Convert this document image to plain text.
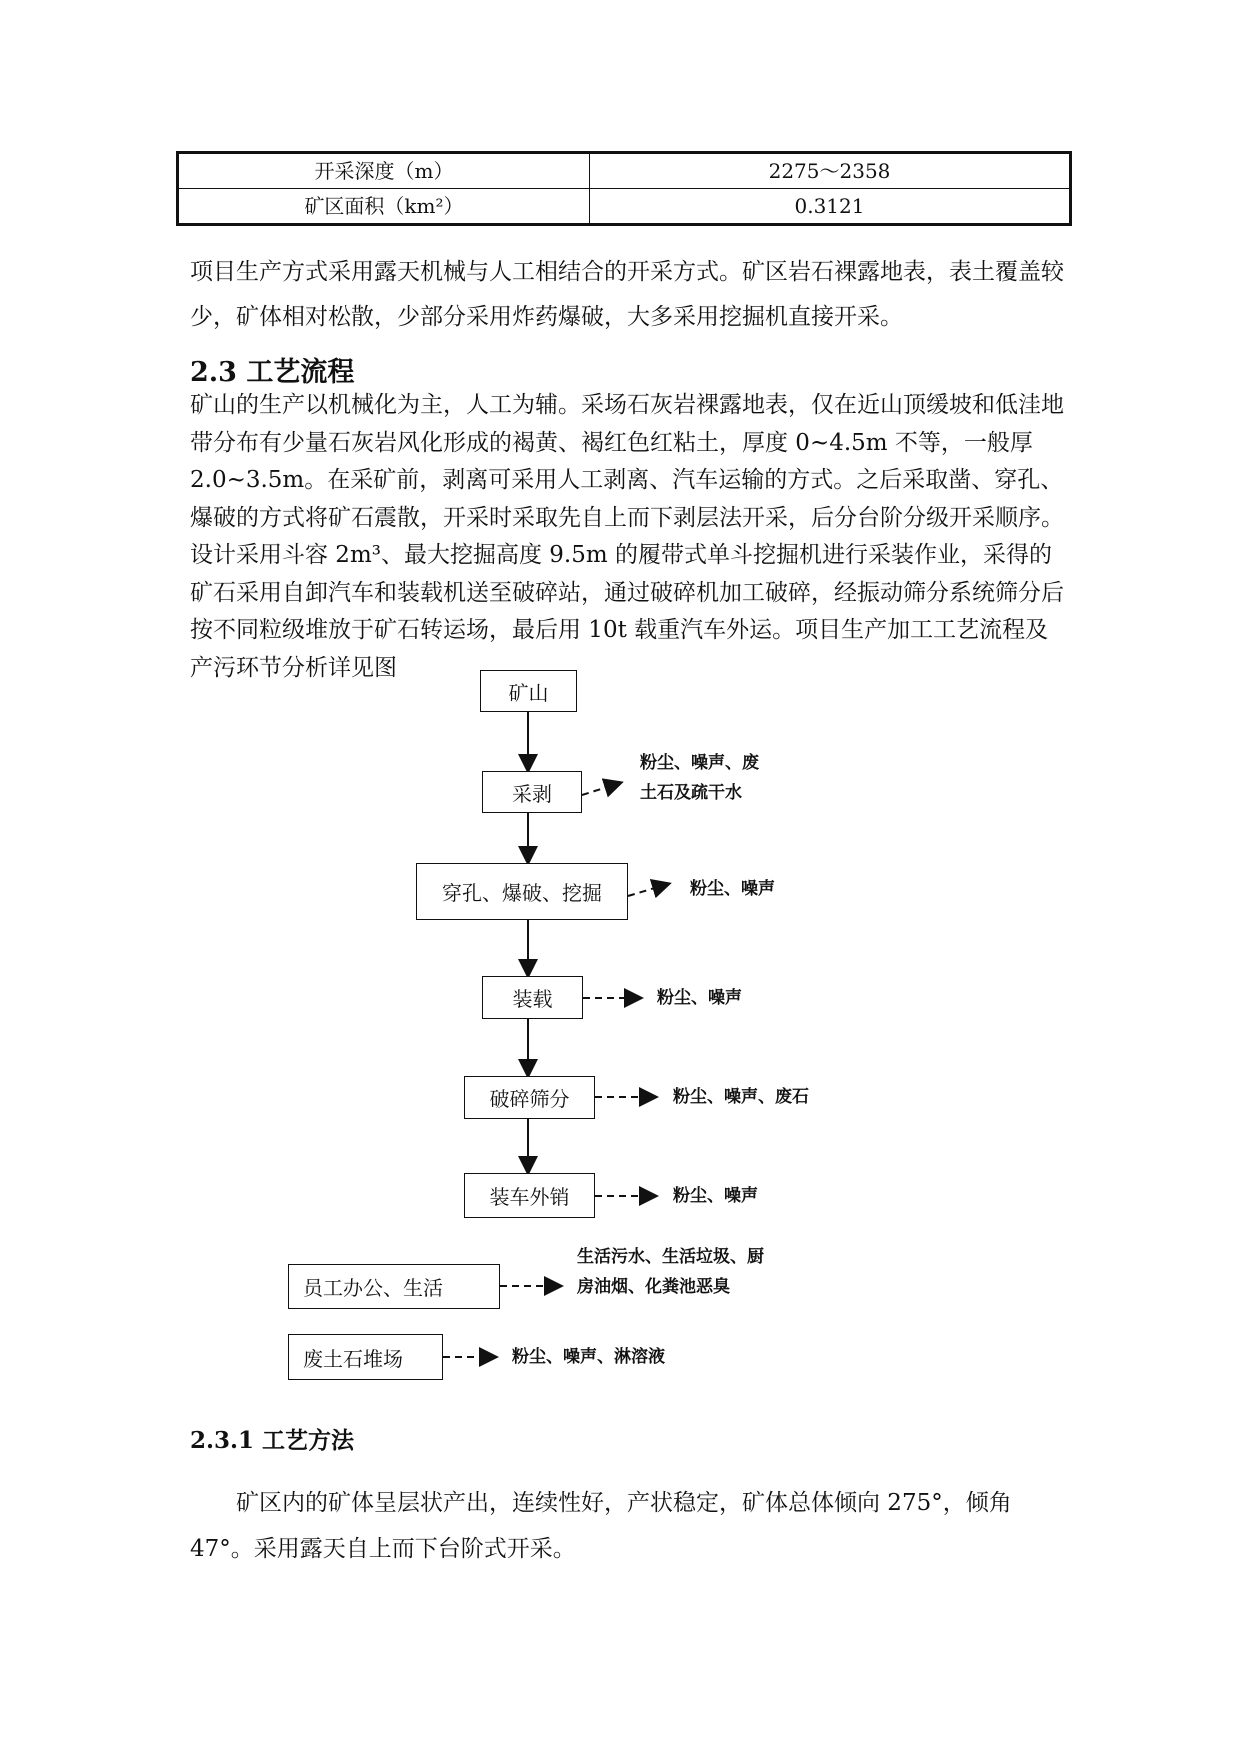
开采深度（m）	2275～2358
矿区面积（km²）	0.3121
项目生产方式采用露天机械与人工相结合的开采方式。矿区岩石裸露地表，表土覆盖较少，矿体相对松散，少部分采用炸药爆破，大多采用挖掘机直接开采。
2.3 工艺流程
矿山的生产以机械化为主，人工为辅。采场石灰岩裸露地表，仅在近山顶缓坡和低洼地带分布有少量石灰岩风化形成的褐黄、褐红色红粘土，厚度 0~4.5m 不等，一般厚 2.0~3.5m。在采矿前，剥离可采用人工剥离、汽车运输的方式。之后采取凿、穿孔、爆破的方式将矿石震散，开采时采取先自上而下剥层法开采，后分台阶分级开采顺序。设计采用斗容 2m³、最大挖掘高度 9.5m 的履带式单斗挖掘机进行采装作业，采得的矿石采用自卸汽车和装载机送至破碎站，通过破碎机加工破碎，经振动筛分系统筛分后按不同粒级堆放于矿石转运场，最后用 10t 载重汽车外运。项目生产加工工艺流程及产污环节分析详见图
矿山
采剥
穿孔、爆破、挖掘
装载
破碎筛分
装车外销
员工办公、生活
废土石堆场
粉尘、噪声、废
土石及疏干水
粉尘、噪声
粉尘、噪声
粉尘、噪声、废石
粉尘、噪声
生活污水、生活垃圾、厨
房油烟、化粪池恶臭
粉尘、噪声、淋溶液
2.3.1 工艺方法
矿区内的矿体呈层状产出，连续性好，产状稳定，矿体总体倾向 275°，倾角 47°。采用露天自上而下台阶式开采。
